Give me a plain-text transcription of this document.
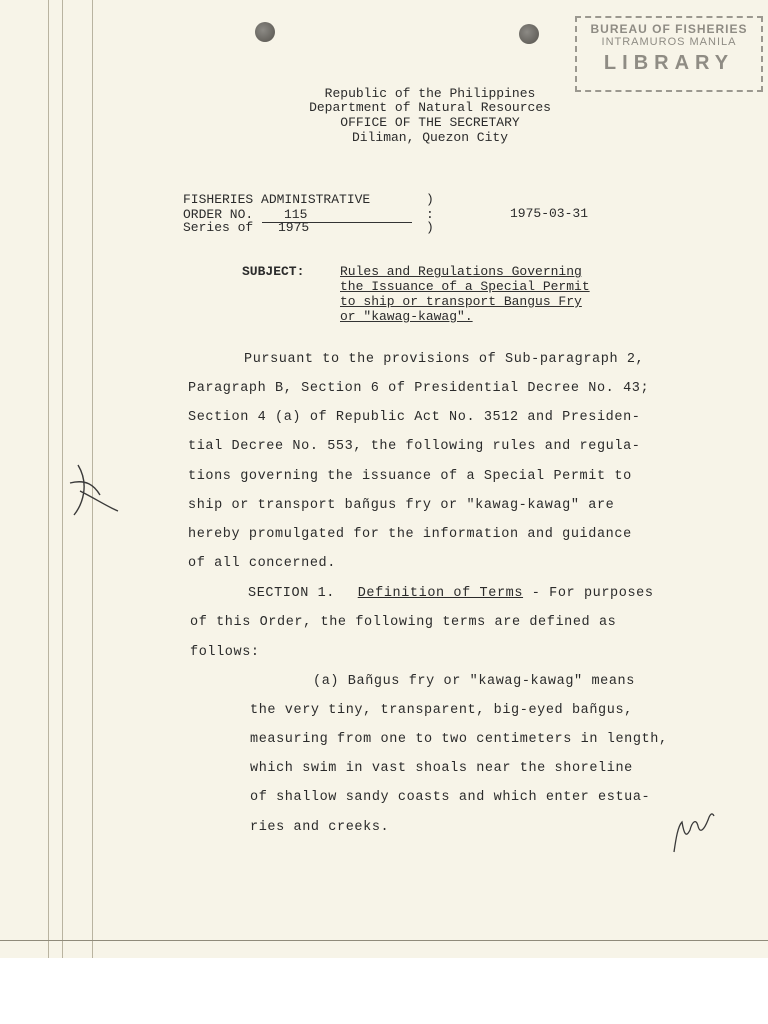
BUREAU OF FISHERIES
INTRAMUROS MANILA
LIBRARY
Republic of the Philippines
Department of Natural Resources
OFFICE OF THE SECRETARY
Diliman, Quezon City
FISHERIES ADMINISTRATIVE	)
ORDER NO.	115	:	1975-03-31
Series of 1975	)
SUBJECT:	Rules and Regulations Governing
the Issuance of a Special Permit
to ship or transport Bangus Fry
or "kawag-kawag".
Pursuant to the provisions of Sub-paragraph 2,
Paragraph B, Section 6 of Presidential Decree No. 43;
Section 4 (a) of Republic Act No. 3512 and Presiden-
tial Decree No. 553, the following rules and regula-
tions governing the issuance of a Special Permit to
ship or transport bañgus fry or "kawag-kawag" are
hereby promulgated for the information and guidance
of all concerned.
SECTION 1. Definition of Terms - For purposes
of this Order, the following terms are defined as
follows:
(a) Bañgus fry or "kawag-kawag" means
the very tiny, transparent, big-eyed bañgus,
measuring from one to two centimeters in length,
which swim in vast shoals near the shoreline
of shallow sandy coasts and which enter estua-
ries and creeks.
